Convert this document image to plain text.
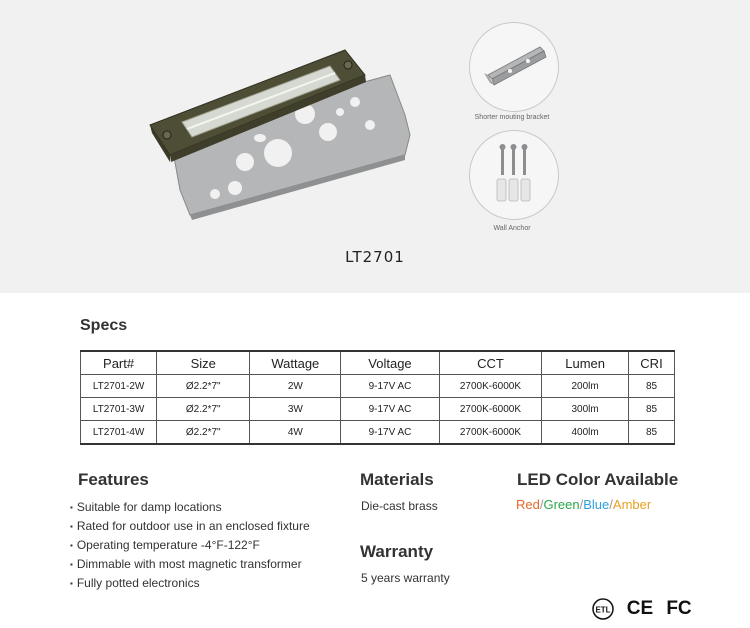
Shorter mouting bracket
Wall Anchor
LT2701
Specs
Part#	Size	Wattage	Voltage	CCT	Lumen	CRI
LT2701-2W	Ø2.2*7"	2W	9-17V AC	2700K-6000K	200lm	85
LT2701-3W	Ø2.2*7"	3W	9-17V AC	2700K-6000K	300lm	85
LT2701-4W	Ø2.2*7"	4W	9-17V AC	2700K-6000K	400lm	85
Features
▪ Suitable for damp locations
▪ Rated for outdoor use in an enclosed fixture
▪ Operating temperature -4°F-122°F
▪ Dimmable with most magnetic transformer
▪ Fully potted electronics
Materials
Die-cast brass
Warranty
5 years warranty
LED Color Available
Red/Green/Blue/Amber
ETL CE FC
